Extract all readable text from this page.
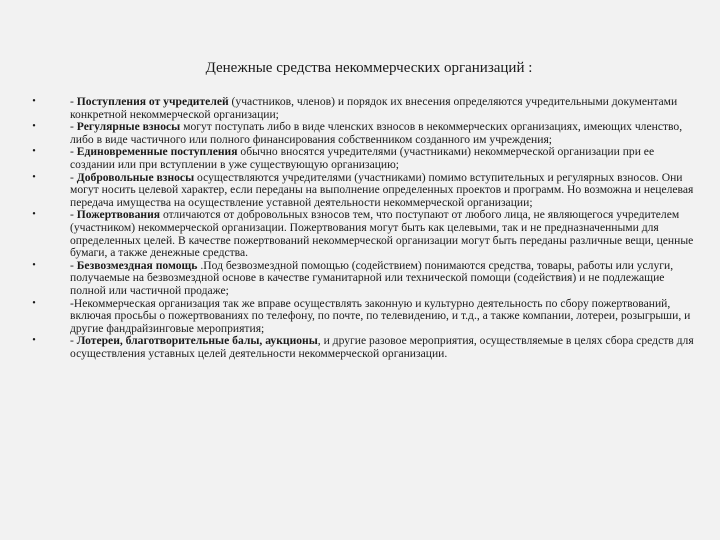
Денежные средства некоммерческих организаций :
•	- Поступления от учредителей (участников, членов) и порядок их внесения определяются учредительными документами конкретной некоммерческой организации;
•	- Регулярные взносы могут поступать либо в виде членских взносов в некоммерческих организациях, имеющих членство, либо в виде частичного или полного финансирования собственником созданного им учреждения;
•	- Единовременные поступления обычно вносятся учредителями (участниками) некоммерческой организации при ее создании или при вступлении в уже существующую организацию;
•	- Добровольные взносы осуществляются учредителями (участниками) помимо вступительных и регулярных взносов. Они могут носить целевой характер, если переданы на выполнение определенных проектов и программ. Но возможна и нецелевая передача имущества на осуществление уставной деятельности некоммерческой организации;
•	- Пожертвования отличаются от добровольных взносов тем, что поступают от любого лица, не являющегося учредителем (участником) некоммерческой организации. Пожертвования могут быть как целевыми, так и не предназначенными для определенных целей. В качестве пожертвований некоммерческой организации могут быть переданы различные вещи, ценные бумаги, а также денежные средства.
•	- Безвозмездная помощь .Под безвозмездной помощью (содействием) понимаются средства, товары, работы или услуги, получаемые на безвозмездной основе в качестве гуманитарной или технической помощи (содействия) и не подлежащие полной или частичной продаже;
•	-Некоммерческая организация так же вправе осуществлять законную и культурно деятельность по сбору пожертвований, включая просьбы о пожертвованиях по телефону, по почте, по телевидению, и т.д., а также компании, лотереи, розыгрыши, и другие фандрайзинговые мероприятия;
•	- Лотереи, благотворительные балы, аукционы, и другие разовое мероприятия, осуществляемые в целях сбора средств для осуществления уставных целей деятельности некоммерческой организации.
